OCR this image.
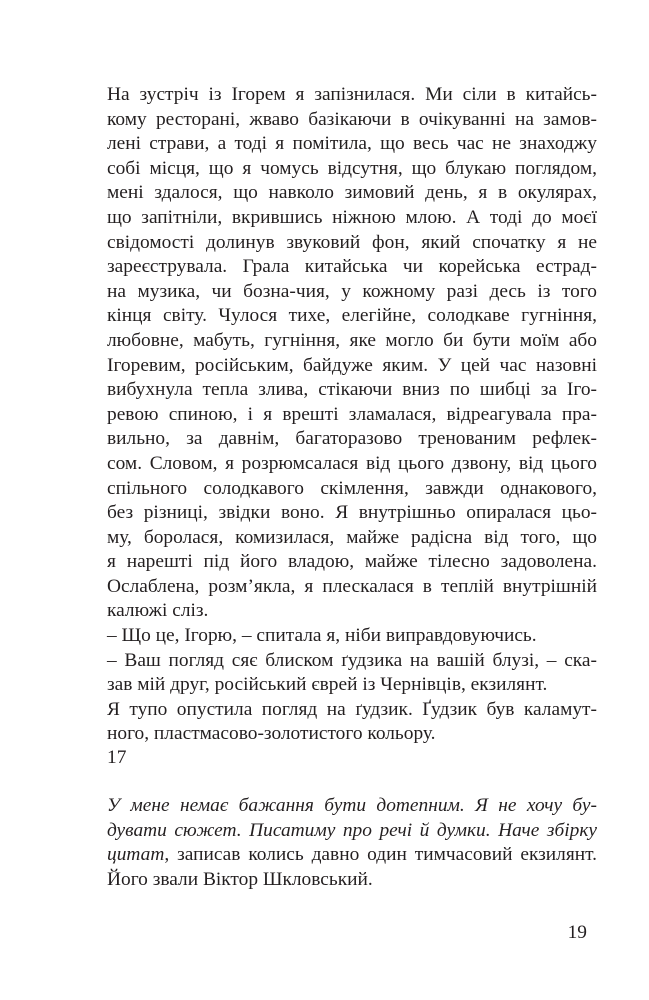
На зустріч із Ігорем я запізнилася. Ми сіли в китайсь-
кому ресторані, жваво базікаючи в очікуванні на замов-
лені страви, а тоді я помітила, що весь час не знаходжу
собі місця, що я чомусь відсутня, що блукаю поглядом,
мені здалося, що навколо зимовий день, я в окулярах,
що запітніли, вкрившись ніжною млою. А тоді до моєї
свідомості долинув звуковий фон, який спочатку я не
зареєструвала. Грала китайська чи корейська естрад-
на музика, чи бозна-чия, у кожному разі десь із того
кінця світу. Чулося тихе, елегійне, солодкаве гугніння,
любовне, мабуть, гугніння, яке могло би бути моїм або
Ігоревим, російським, байдуже яким. У цей час назовні
вибухнула тепла злива, стікаючи вниз по шибці за Іго-
ревою спиною, і я врешті зламалася, відреагувала пра-
вильно, за давнім, багаторазово тренованим рефлек-
сом. Словом, я розрюмсалася від цього дзвону, від цього
спільного солодкавого скімлення, завжди однакового,
без різниці, звідки воно. Я внутрішньо опиралася цьо-
му, боролася, комизилася, майже радісна від того, що
я нарешті під його владою, майже тілесно задоволена.
Ослаблена, розм’якла, я плескалася в теплій внутрішній
калюжі сліз.
– Що це, Ігорю, – спитала я, ніби виправдовуючись.
– Ваш погляд сяє блиском ґудзика на вашій блузі, – ска-
зав мій друг, російський єврей із Чернівців, екзилянт.
Я тупо опустила погляд на ґудзик. Ґудзик був каламут-
ного, пластмасово-золотистого кольору.
17
У мене немає бажання бути дотепним. Я не хочу бу-
дувати сюжет. Писатиму про речі й думки. Наче збірку
цитат, записав колись давно один тимчасовий екзилянт.
Його звали Віктор Шкловський.
19
